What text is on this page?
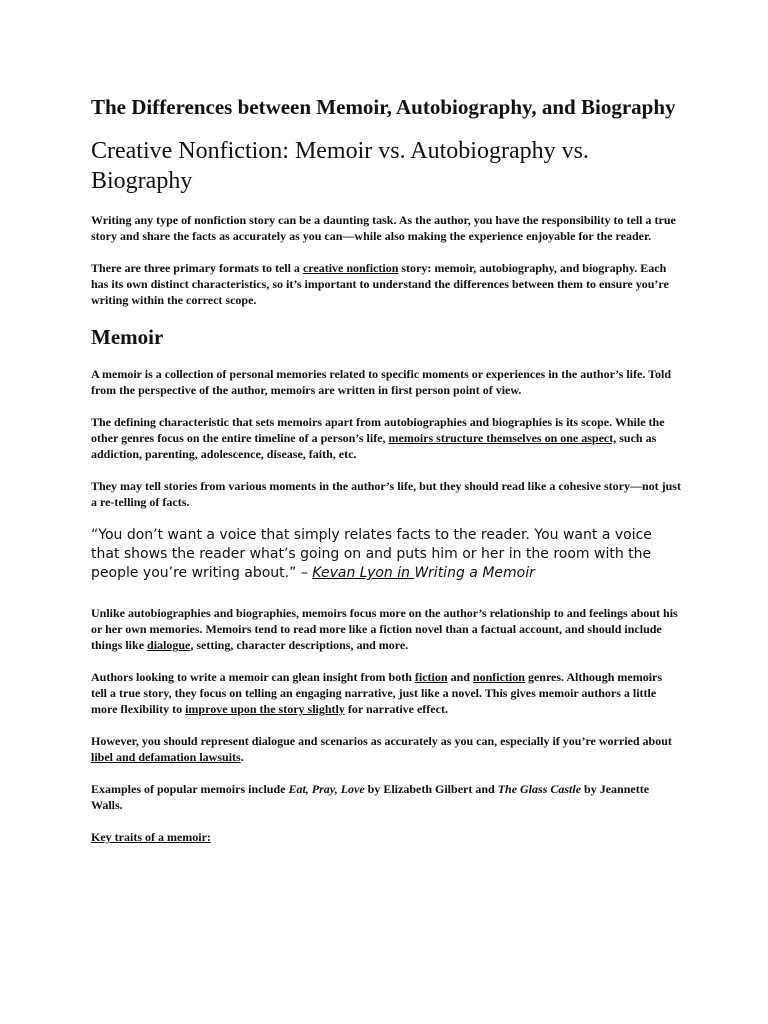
The Differences between Memoir, Autobiography, and Biography
Creative Nonfiction: Memoir vs. Autobiography vs. Biography

Writing any type of nonfiction story can be a daunting task. As the author, you have the responsibility to tell a true story and share the facts as accurately as you can—while also making the experience enjoyable for the reader.

There are three primary formats to tell a creative nonfiction story: memoir, autobiography, and biography. Each has its own distinct characteristics, so it’s important to understand the differences between them to ensure you’re writing within the correct scope.

Memoir

A memoir is a collection of personal memories related to specific moments or experiences in the author’s life. Told from the perspective of the author, memoirs are written in first person point of view.

The defining characteristic that sets memoirs apart from autobiographies and biographies is its scope. While the other genres focus on the entire timeline of a person’s life, memoirs structure themselves on one aspect, such as addiction, parenting, adolescence, disease, faith, etc.

They may tell stories from various moments in the author’s life, but they should read like a cohesive story—not just a re-telling of facts.

“You don’t want a voice that simply relates facts to the reader. You want a voice that shows the reader what’s going on and puts him or her in the room with the people you’re writing about.” – Kevan Lyon in Writing a Memoir

Unlike autobiographies and biographies, memoirs focus more on the author’s relationship to and feelings about his or her own memories. Memoirs tend to read more like a fiction novel than a factual account, and should include things like dialogue, setting, character descriptions, and more.

Authors looking to write a memoir can glean insight from both fiction and nonfiction genres. Although memoirs tell a true story, they focus on telling an engaging narrative, just like a novel. This gives memoir authors a little more flexibility to improve upon the story slightly for narrative effect.

However, you should represent dialogue and scenarios as accurately as you can, especially if you’re worried about libel and defamation lawsuits.

Examples of popular memoirs include Eat, Pray, Love by Elizabeth Gilbert and The Glass Castle by Jeannette Walls.

Key traits of a memoir:
